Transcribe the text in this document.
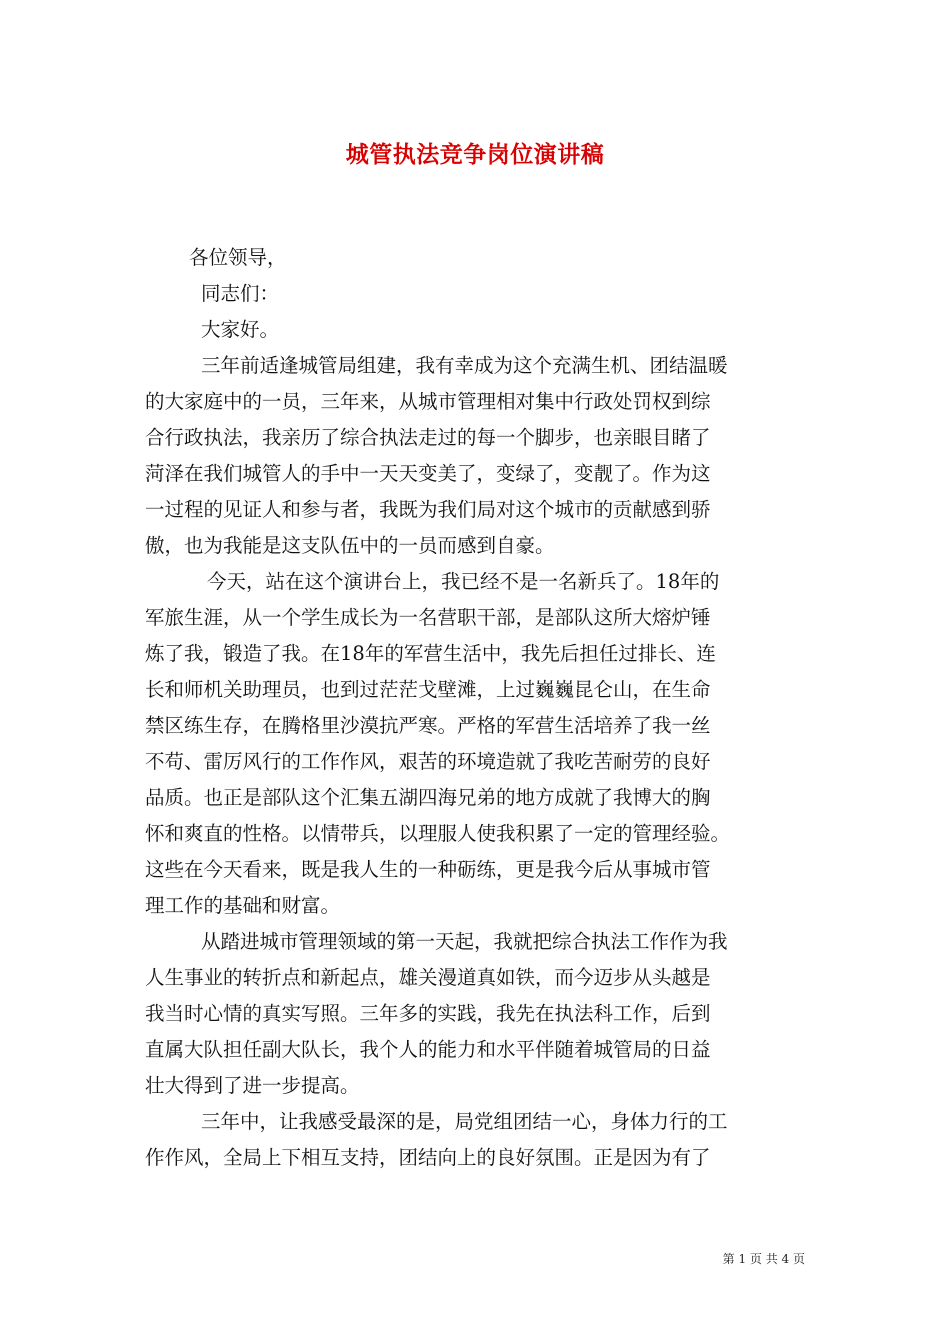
城管执法竞争岗位演讲稿
各位领导，
同志们：
大家好。
三年前适逢城管局组建，我有幸成为这个充满生机、团结温暖
的大家庭中的一员，三年来，从城市管理相对集中行政处罚权到综
合行政执法，我亲历了综合执法走过的每一个脚步，也亲眼目睹了
菏泽在我们城管人的手中一天天变美了，变绿了，变靓了。作为这
一过程的见证人和参与者，我既为我们局对这个城市的贡献感到骄
傲，也为我能是这支队伍中的一员而感到自豪。
今天，站在这个演讲台上，我已经不是一名新兵了。18年的
军旅生涯，从一个学生成长为一名营职干部，是部队这所大熔炉锤
炼了我，锻造了我。在18年的军营生活中，我先后担任过排长、连
长和师机关助理员，也到过茫茫戈壁滩，上过巍巍昆仑山，在生命
禁区练生存，在腾格里沙漠抗严寒。严格的军营生活培养了我一丝
不苟、雷厉风行的工作作风，艰苦的环境造就了我吃苦耐劳的良好
品质。也正是部队这个汇集五湖四海兄弟的地方成就了我博大的胸
怀和爽直的性格。以情带兵，以理服人使我积累了一定的管理经验。
这些在今天看来，既是我人生的一种砺练，更是我今后从事城市管
理工作的基础和财富。
从踏进城市管理领域的第一天起，我就把综合执法工作作为我
人生事业的转折点和新起点，雄关漫道真如铁，而今迈步从头越是
我当时心情的真实写照。三年多的实践，我先在执法科工作，后到
直属大队担任副大队长，我个人的能力和水平伴随着城管局的日益
壮大得到了进一步提高。
三年中，让我感受最深的是，局党组团结一心，身体力行的工
作作风，全局上下相互支持，团结向上的良好氛围。正是因为有了
第 1 页 共 4 页
